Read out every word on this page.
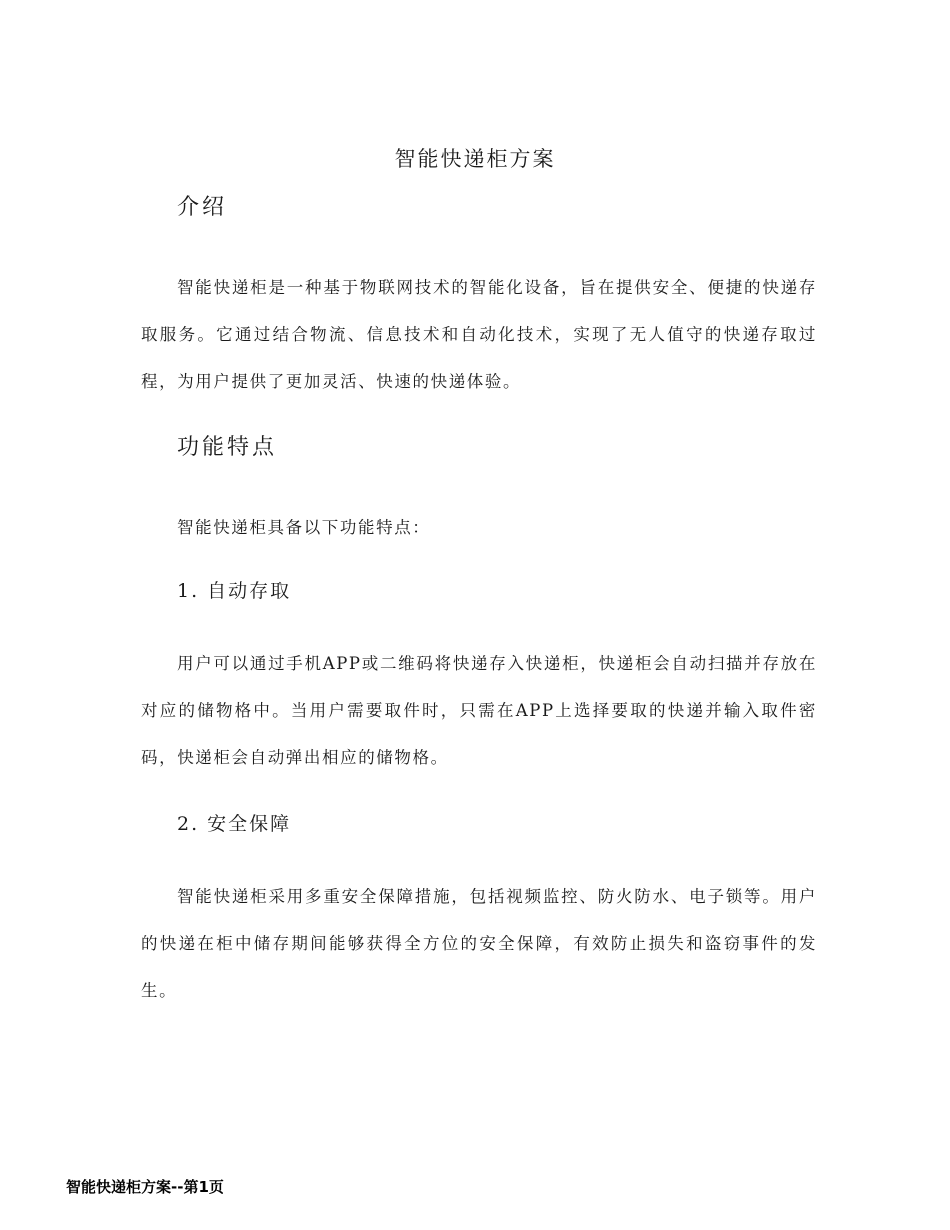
智能快递柜方案
介绍
智能快递柜是一种基于物联网技术的智能化设备，旨在提供安全、便捷的快递存取服务。它通过结合物流、信息技术和自动化技术，实现了无人值守的快递存取过程，为用户提供了更加灵活、快速的快递体验。
功能特点
智能快递柜具备以下功能特点：
1. 自动存取
用户可以通过手机APP或二维码将快递存入快递柜，快递柜会自动扫描并存放在对应的储物格中。当用户需要取件时，只需在APP上选择要取的快递并输入取件密码，快递柜会自动弹出相应的储物格。
2. 安全保障
智能快递柜采用多重安全保障措施，包括视频监控、防火防水、电子锁等。用户的快递在柜中储存期间能够获得全方位的安全保障，有效防止损失和盗窃事件的发生。
智能快递柜方案--第1页
